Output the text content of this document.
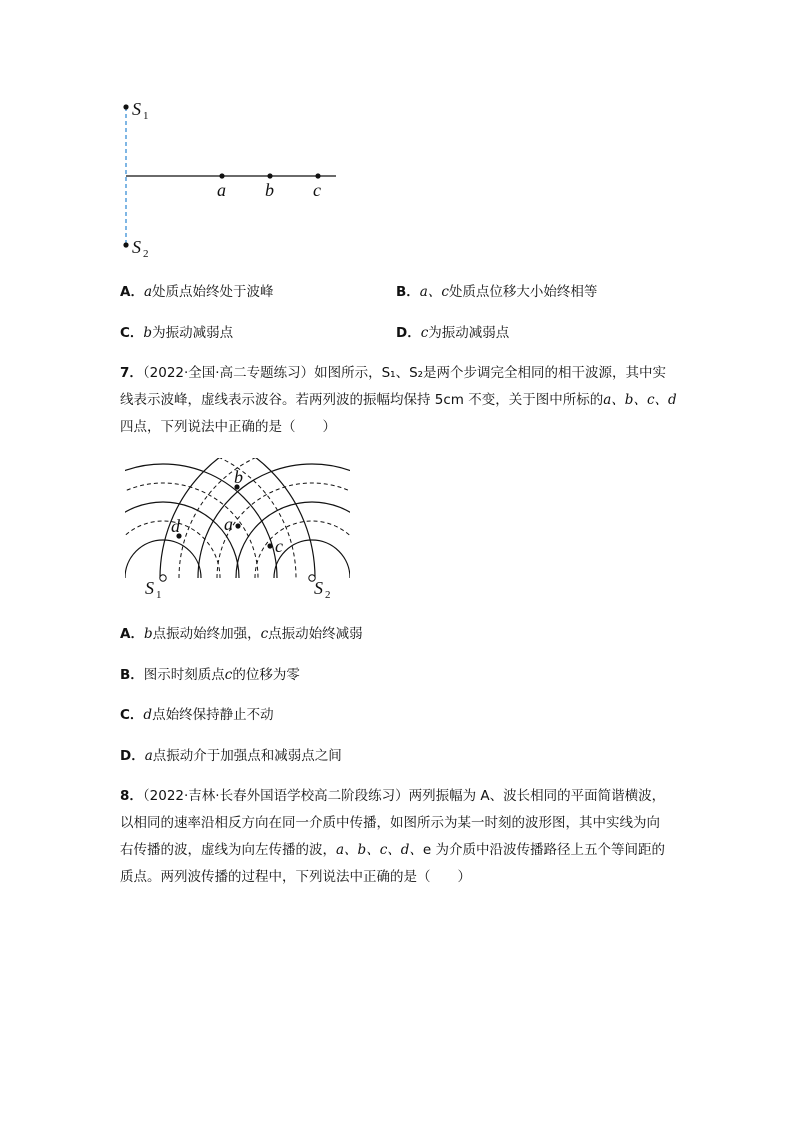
S 1
S 2
a b c
A．a处质点始终处于波峰	B．a、c处质点位移大小始终相等
C．b为振动减弱点	D．c为振动减弱点
7．（2022·全国·高二专题练习）如图所示，S₁、S₂是两个步调完全相同的相干波源，其中实
线表示波峰，虚线表示波谷。若两列波的振幅均保持 5cm 不变，关于图中所标的a、b、c、d
四点，下列说法中正确的是（　　）
b
a
d
c
S 1	S 2
A．b点振动始终加强，c点振动始终减弱
B．图示时刻质点c的位移为零
C．d点始终保持静止不动
D．a点振动介于加强点和减弱点之间
8．（2022·吉林·长春外国语学校高二阶段练习）两列振幅为 A、波长相同的平面简谐横波，
以相同的速率沿相反方向在同一介质中传播，如图所示为某一时刻的波形图，其中实线为向
右传播的波，虚线为向左传播的波，a、b、c、d、e 为介质中沿波传播路径上五个等间距的
质点。两列波传播的过程中，下列说法中正确的是（　　）
